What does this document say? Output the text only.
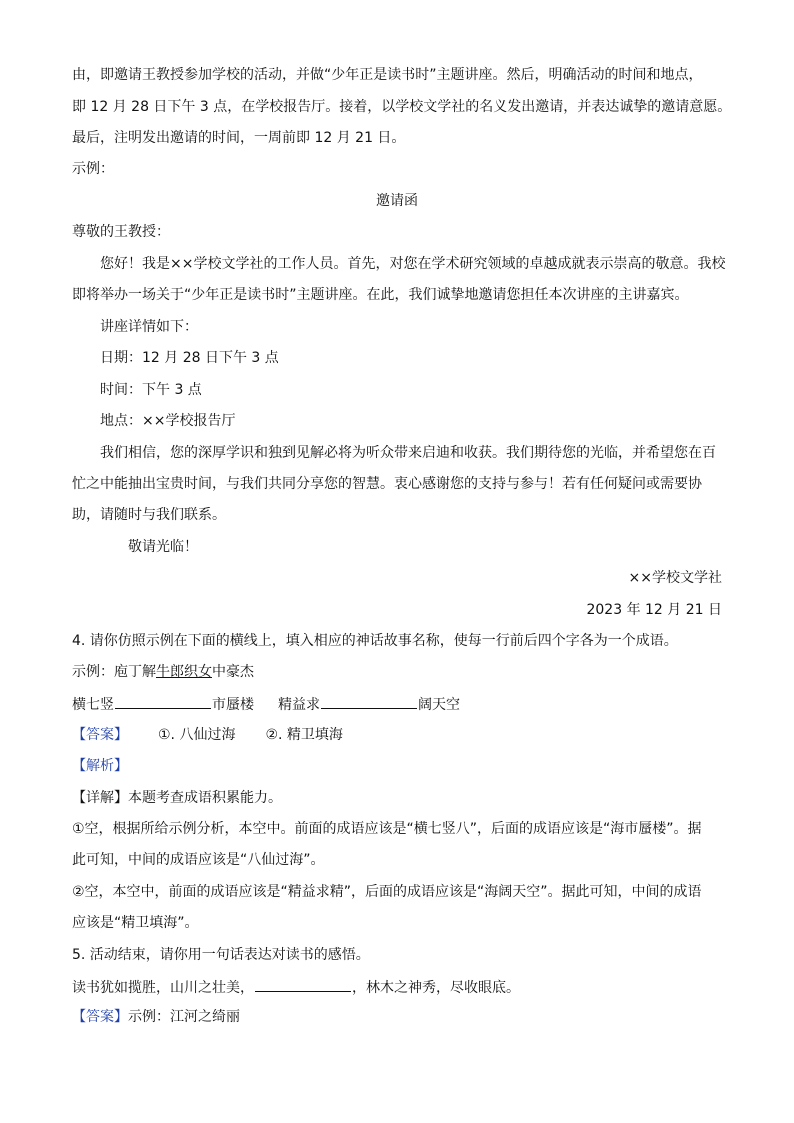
由，即邀请王教授参加学校的活动，并做“少年正是读书时”主题讲座。然后，明确活动的时间和地点，
即 12 月 28 日下午 3 点，在学校报告厅。接着，以学校文学社的名义发出邀请，并表达诚挚的邀请意愿。
最后，注明发出邀请的时间，一周前即 12 月 21 日。
示例：
邀请函
尊敬的王教授：
您好！我是××学校文学社的工作人员。首先，对您在学术研究领域的卓越成就表示崇高的敬意。我校
即将举办一场关于“少年正是读书时”主题讲座。在此，我们诚挚地邀请您担任本次讲座的主讲嘉宾。
讲座详情如下：
日期：12 月 28 日下午 3 点
时间：下午 3 点
地点：××学校报告厅
我们相信，您的深厚学识和独到见解必将为听众带来启迪和收获。我们期待您的光临，并希望您在百
忙之中能抽出宝贵时间，与我们共同分享您的智慧。衷心感谢您的支持与参与！若有任何疑问或需要协
助，请随时与我们联系。
敬请光临！
××学校文学社
2023 年 12 月 21 日
4. 请你仿照示例在下面的横线上，填入相应的神话故事名称，使每一行前后四个字各为一个成语。
示例：庖丁解牛郎织女中豪杰
横七竖	市蜃楼 精益求	阔天空
【答案】 ①. 八仙过海 ②. 精卫填海
【解析】
【详解】本题考查成语积累能力。
①空，根据所给示例分析，本空中。前面的成语应该是“横七竖八”，后面的成语应该是“海市蜃楼”。据
此可知，中间的成语应该是“八仙过海”。
②空，本空中，前面的成语应该是“精益求精”，后面的成语应该是“海阔天空”。据此可知，中间的成语
应该是“精卫填海”。
5. 活动结束，请你用一句话表达对读书的感悟。
读书犹如揽胜，山川之壮美，	，林木之神秀，尽收眼底。
【答案】示例：江河之绮丽
